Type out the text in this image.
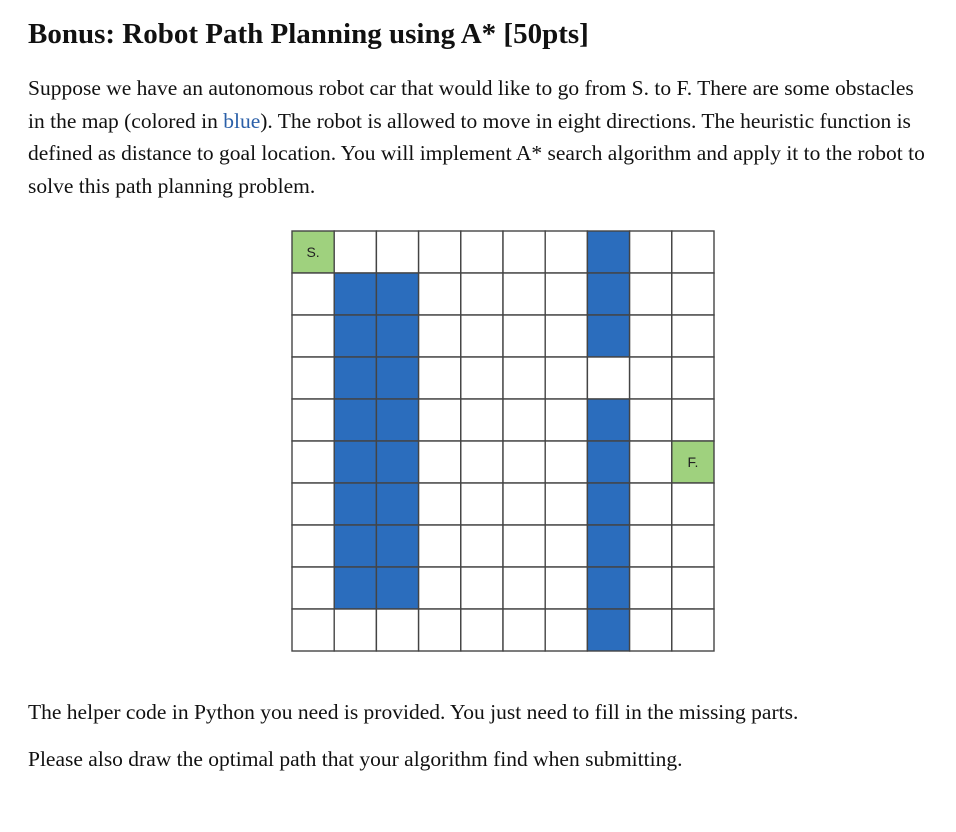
Bonus: Robot Path Planning using A* [50pts]

Suppose we have an autonomous robot car that would like to go from S. to F. There are some obstacles in the map (colored in blue). The robot is allowed to move in eight directions. The heuristic function is defined as distance to goal location. You will implement A* search algorithm and apply it to the robot to solve this path planning problem.

S.
F.

The helper code in Python you need is provided. You just need to fill in the missing parts.

Please also draw the optimal path that your algorithm find when submitting.
